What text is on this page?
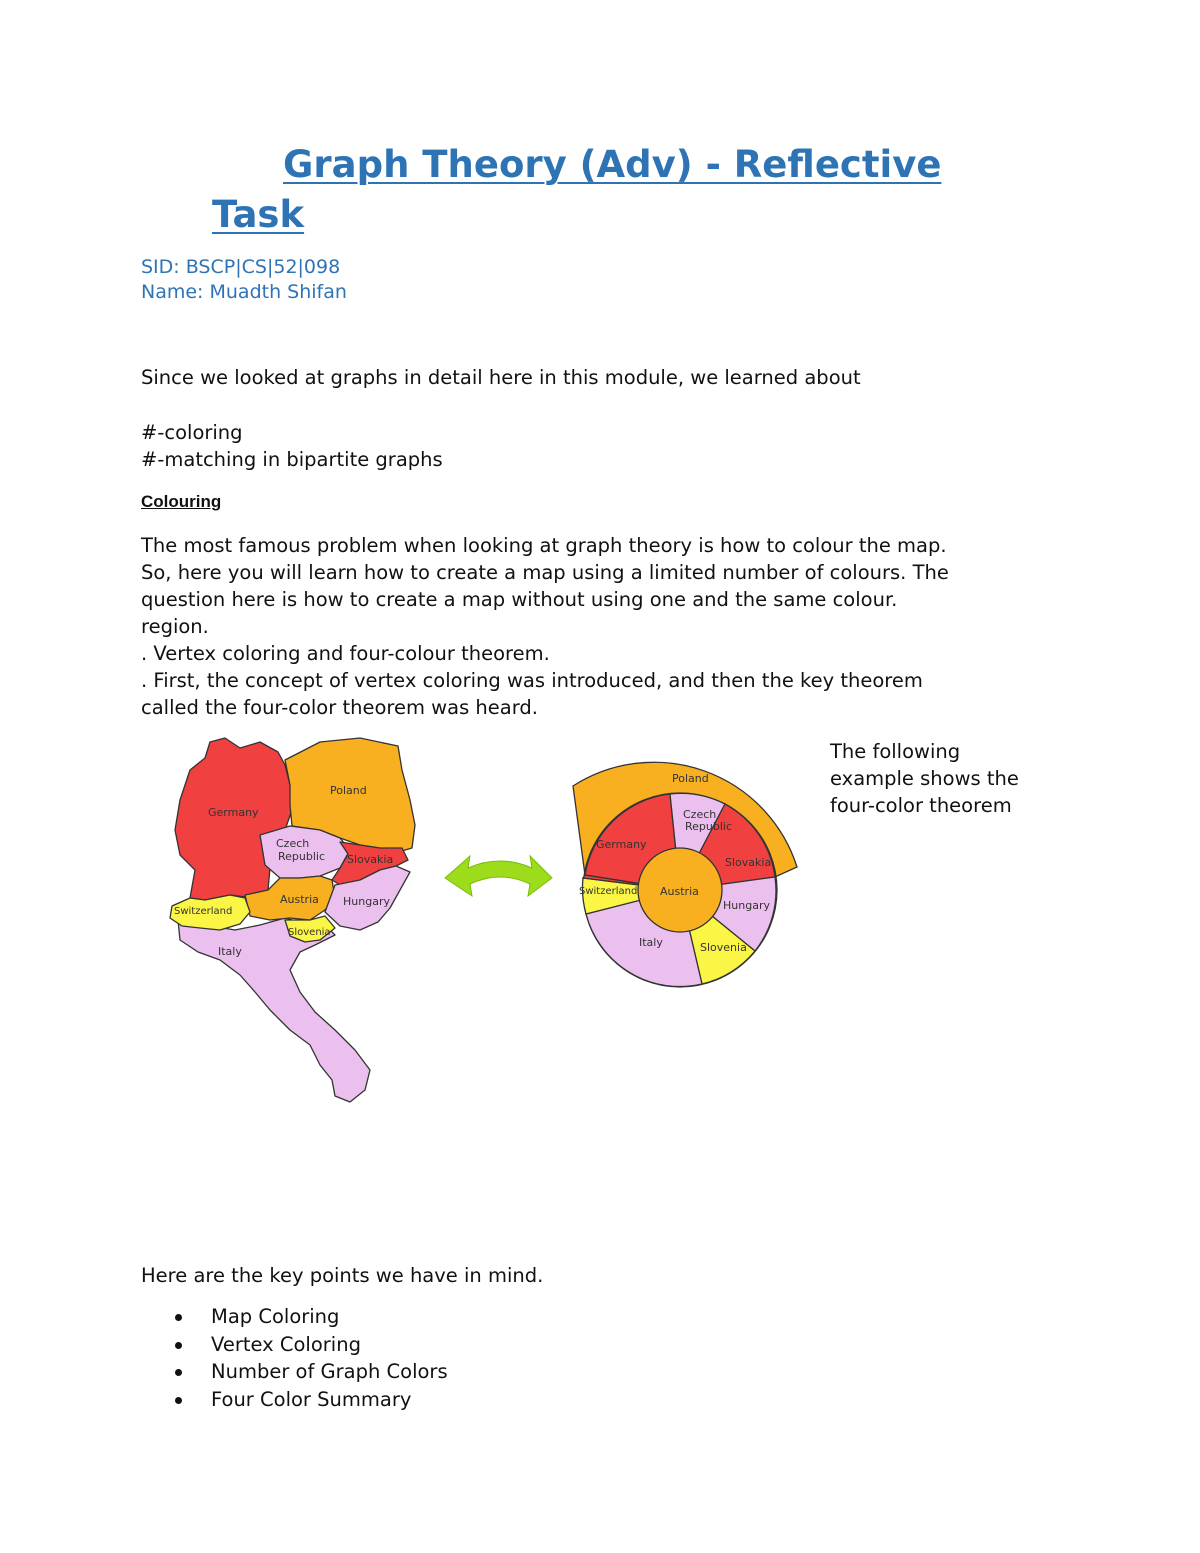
Graph Theory (Adv) - Reflective
Task
SID: BSCP|CS|52|098
Name: Muadth Shifan
Since we looked at graphs in detail here in this module, we learned about
#-coloring
#-matching in bipartite graphs
Colouring

The most famous problem when looking at graph theory is how to colour the map.

So, here you will learn how to create a map using a limited number of colours. The

question here is how to create a map without using one and the same colour.

region.

. Vertex coloring and four-colour theorem.

. First, the concept of vertex coloring was introduced, and then the key theorem

called the four-color theorem was heard.

Germany
Poland
Czech
Republic Slovakia
Austria Hungary
Switzerland
Slovenia
Italy
Poland
Czech
Republic
Germany
Slovakia
Switzerland Austria
Hungary
Italy	Slovenia
The following
example shows the
four-color theorem
Here are the key points we have in mind.
Map Coloring
Vertex Coloring
Number of Graph Colors
Four Color Summary
